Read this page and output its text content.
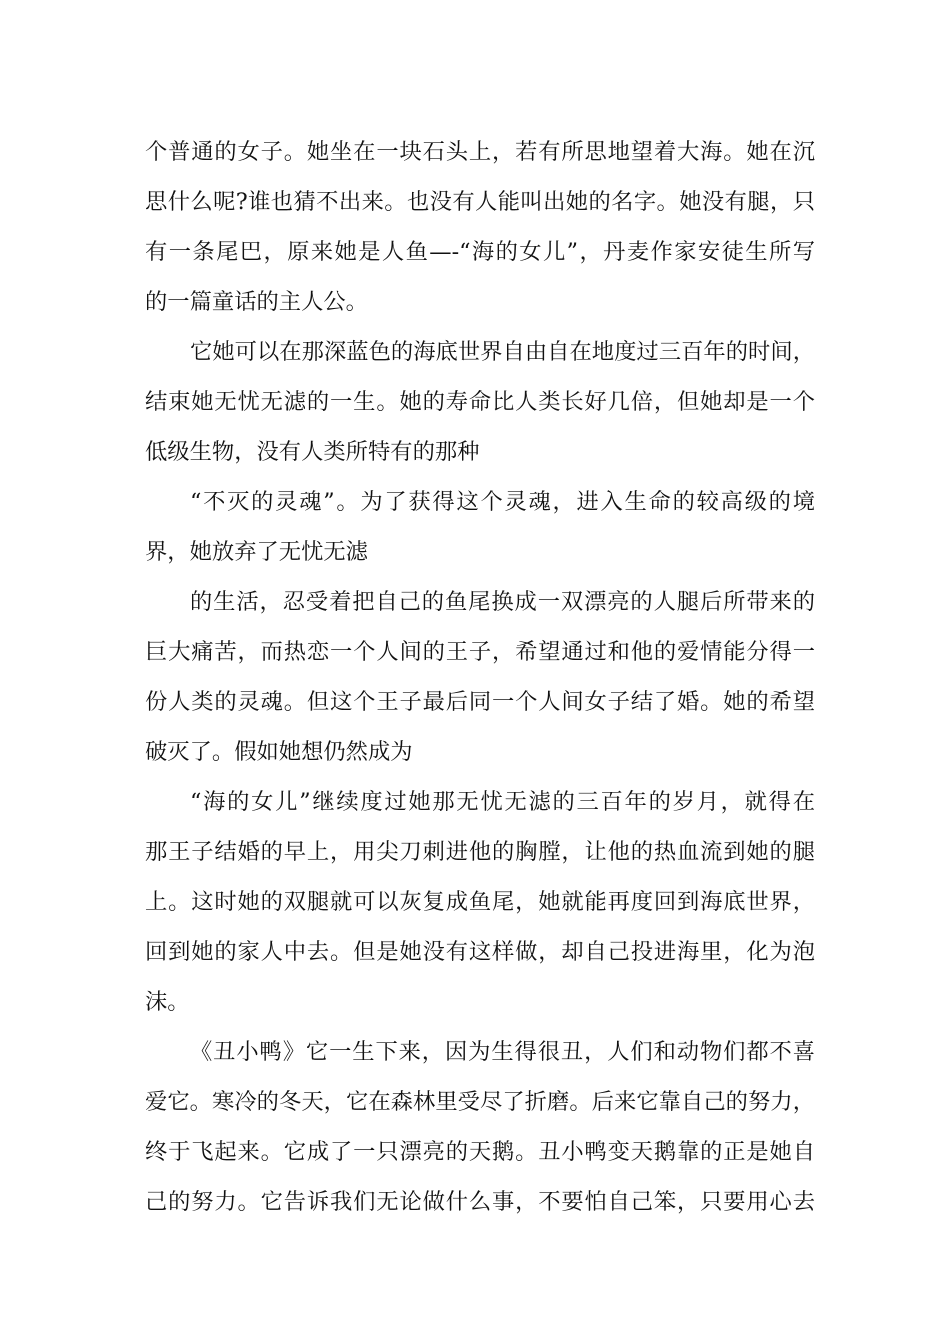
个普通的女子。她坐在一块石头上，若有所思地望着大海。她在沉
思什么呢?谁也猜不出来。也没有人能叫出她的名字。她没有腿，只
有一条尾巴，原来她是人鱼—-“海的女儿”，丹麦作家安徒生所写
的一篇童话的主人公。
它她可以在那深蓝色的海底世界自由自在地度过三百年的时间，
结束她无忧无滤的一生。她的寿命比人类长好几倍，但她却是一个
低级生物，没有人类所特有的那种
“不灭的灵魂”。为了获得这个灵魂，进入生命的较高级的境
界，她放弃了无忧无滤
的生活，忍受着把自己的鱼尾换成一双漂亮的人腿后所带来的
巨大痛苦，而热恋一个人间的王子，希望通过和他的爱情能分得一
份人类的灵魂。但这个王子最后同一个人间女子结了婚。她的希望
破灭了。假如她想仍然成为
“海的女儿”继续度过她那无忧无滤的三百年的岁月，就得在
那王子结婚的早上，用尖刀刺进他的胸膛，让他的热血流到她的腿
上。这时她的双腿就可以灰复成鱼尾，她就能再度回到海底世界，
回到她的家人中去。但是她没有这样做，却自己投进海里，化为泡
沫。
《丑小鸭》它一生下来，因为生得很丑，人们和动物们都不喜
爱它。寒冷的冬天，它在森林里受尽了折磨。后来它靠自己的努力，
终于飞起来。它成了一只漂亮的天鹅。丑小鸭变天鹅靠的正是她自
己的努力。它告诉我们无论做什么事，不要怕自己笨，只要用心去
